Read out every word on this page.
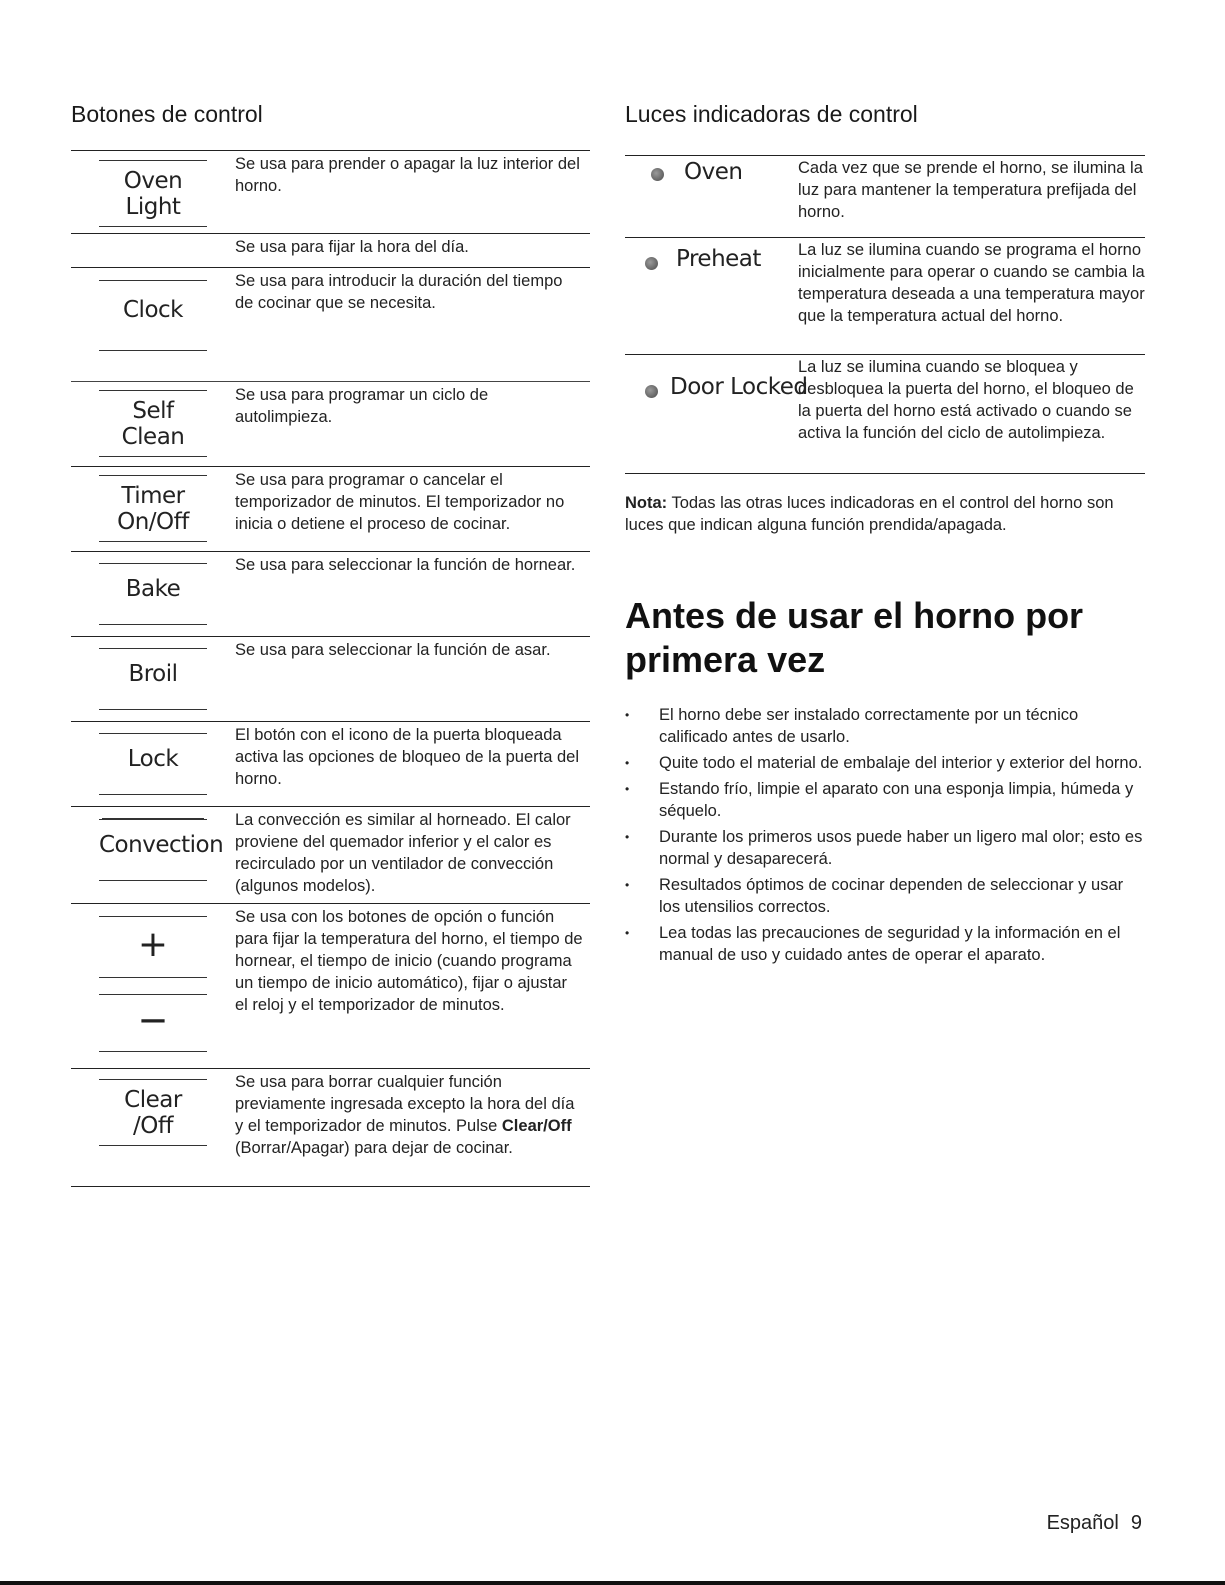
Botones de control
Oven
Light
Se usa para prender o apagar la luz interior del horno.
Se usa para fijar la hora del día.
Clock
Se usa para introducir la duración del tiempo de cocinar que se necesita.
Self
Clean
Se usa para programar un ciclo de autolimpieza.
Timer
On/Off
Se usa para programar o cancelar el temporizador de minutos. El temporizador no inicia o detiene el proceso de cocinar.
Bake
Se usa para seleccionar la función de hornear.
Broil
Se usa para seleccionar la función de asar.
Lock
El botón con el icono de la puerta bloqueada activa las opciones de bloqueo de la puerta del horno.
Convection
La convección es similar al horneado. El calor proviene del quemador inferior y el calor es recirculado por un ventilador de convección (algunos modelos).
+
—
Se usa con los botones de opción o función para fijar la temperatura del horno, el tiempo de hornear, el tiempo de inicio (cuando programa un tiempo de inicio automático), fijar o ajustar el reloj y el temporizador de minutos.
Clear
/Off
Se usa para borrar cualquier función previamente ingresada excepto la hora del día y el temporizador de minutos. Pulse Clear/Off (Borrar/Apagar) para dejar de cocinar.
Luces indicadoras de control
Oven	Cada vez que se prende el horno, se ilumina la luz para mantener la temperatura prefijada del horno.
Preheat La luz se ilumina cuando se programa el horno inicialmente para operar o cuando se cambia la temperatura deseada a una temperatura mayor que la temperatura actual del horno.
Door Locked
La luz se ilumina cuando se bloquea y desbloquea la puerta del horno, el bloqueo de la puerta del horno está activado o cuando se activa la función del ciclo de autolimpieza.

Nota: Todas las otras luces indicadoras en el control del horno son luces que indican alguna función prendida/apagada.

Antes de usar el horno por primera vez
• El horno debe ser instalado correctamente por un técnico calificado antes de usarlo.
• Quite todo el material de embalaje del interior y exterior del horno.
• Estando frío, limpie el aparato con una esponja limpia, húmeda y séquelo.
• Durante los primeros usos puede haber un ligero mal olor; esto es normal y desaparecerá.
• Resultados óptimos de cocinar dependen de seleccionar y usar los utensilios correctos.
• Lea todas las precauciones de seguridad y la información en el manual de uso y cuidado antes de operar el aparato.
Español 9
